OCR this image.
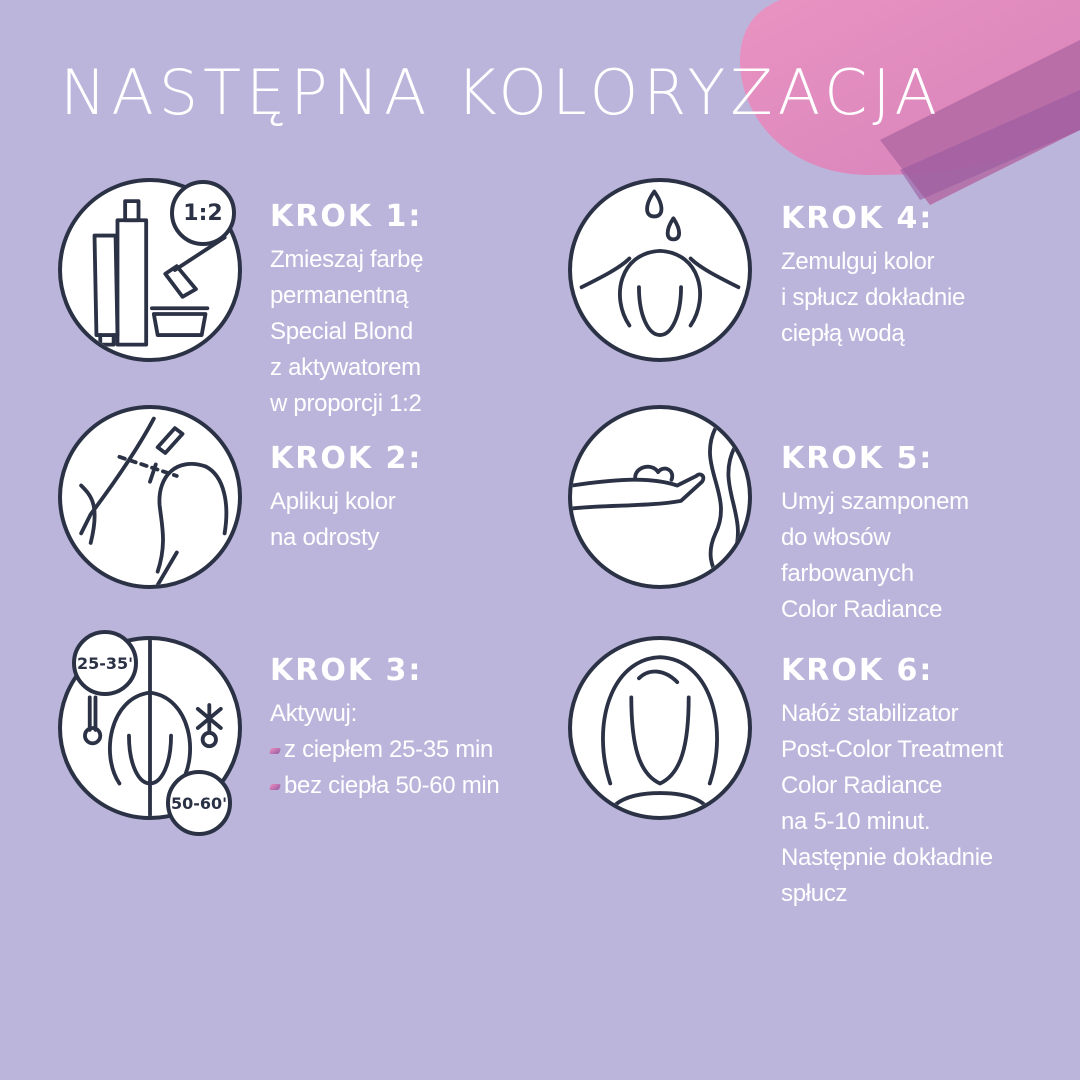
NASTĘPNA KOLORYZACJA
1:2
25-35'
50-60'
KROK 1:
Zmieszaj farbę
permanentną
Special Blond
z aktywatorem
w proporcji 1:2
KROK 2:
Aplikuj kolor
na odrosty
KROK 3:
Aktywuj:
z ciepłem 25-35 min
bez ciepła 50-60 min
KROK 4:
Zemulguj kolor
i spłucz dokładnie
ciepłą wodą
KROK 5:
Umyj szamponem
do włosów
farbowanych
Color Radiance
KROK 6:
Nałóż stabilizator
Post-Color Treatment
Color Radiance
na 5-10 minut.
Następnie dokładnie
spłucz
